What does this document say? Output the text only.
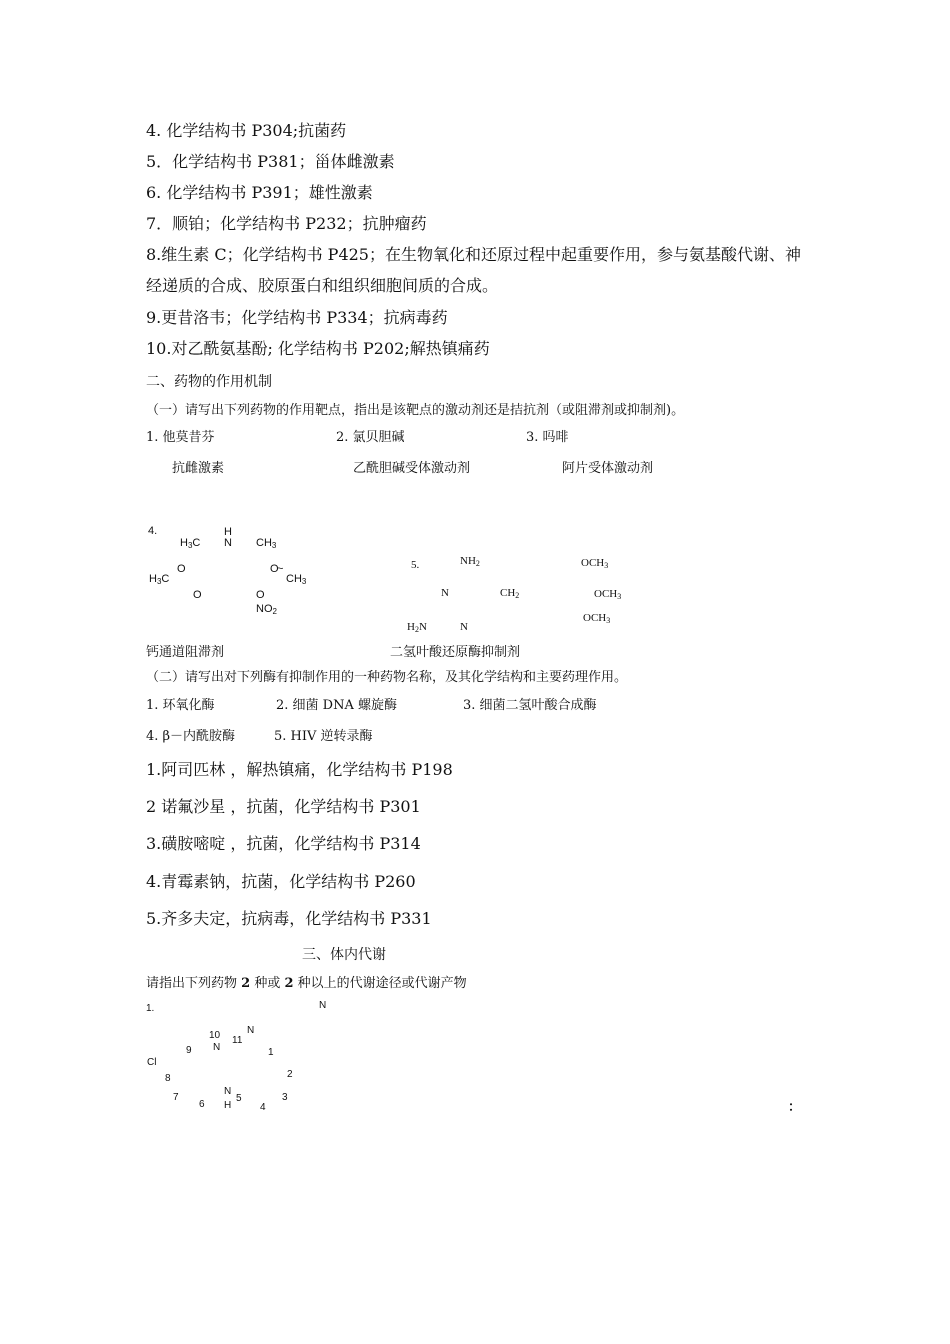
4. 化学结构书 P304;抗菌药
5．化学结构书 P381；甾体雌激素
6. 化学结构书 P391；雄性激素
7．顺铂；化学结构书 P232；抗肿瘤药
8.维生素 C；化学结构书 P425；在生物氧化和还原过程中起重要作用，参与氨基酸代谢、神
经递质的合成、胶原蛋白和组织细胞间质的合成。
9.更昔洛韦；化学结构书 P334；抗病毒药
10.对乙酰氨基酚; 化学结构书 P202;解热镇痛药
二、药物的作用机制
（一）请写出下列药物的作用靶点，指出是该靶点的激动剂还是拮抗剂（或阻滞剂或抑制剂)。
1. 他莫昔芬	2. 氯贝胆碱	3. 吗啡
抗雌激素	乙酰胆碱受体激动剂	阿片受体激动剂
4.	H
N
$H_3C$	$CH_3$
O
$H_3C$
O
~
$CH_3$
O	O
$NO_2$
5.	$NH_2$	$OCH_3$
N	$CH_2$	$OCH_3$
$OCH_3$
$H_2N$	N
钙通道阻滞剂	二氢叶酸还原酶抑制剂
（二）请写出对下列酶有抑制作用的一种药物名称，及其化学结构和主要药理作用。
1. 环氧化酶	2. 细菌 DNA 螺旋酶	3. 细菌二氢叶酸合成酶
4. β－内酰胺酶	5. HIV 逆转录酶
1.阿司匹林 ，解热镇痛，化学结构书 P198
2 诺氟沙星 ，抗菌，化学结构书 P301
3.磺胺嘧啶 ，抗菌，化学结构书 P314
4.青霉素钠，抗菌，化学结构书 P260
5.齐多夫定，抗病毒，化学结构书 P331
三、体内代谢
请指出下列药物 2 种或 2 种以上的代谢途径或代谢产物
1.	N
10
N
11
N
9	1
Cl
8	2
N
7
6
5
H	4
3
：
